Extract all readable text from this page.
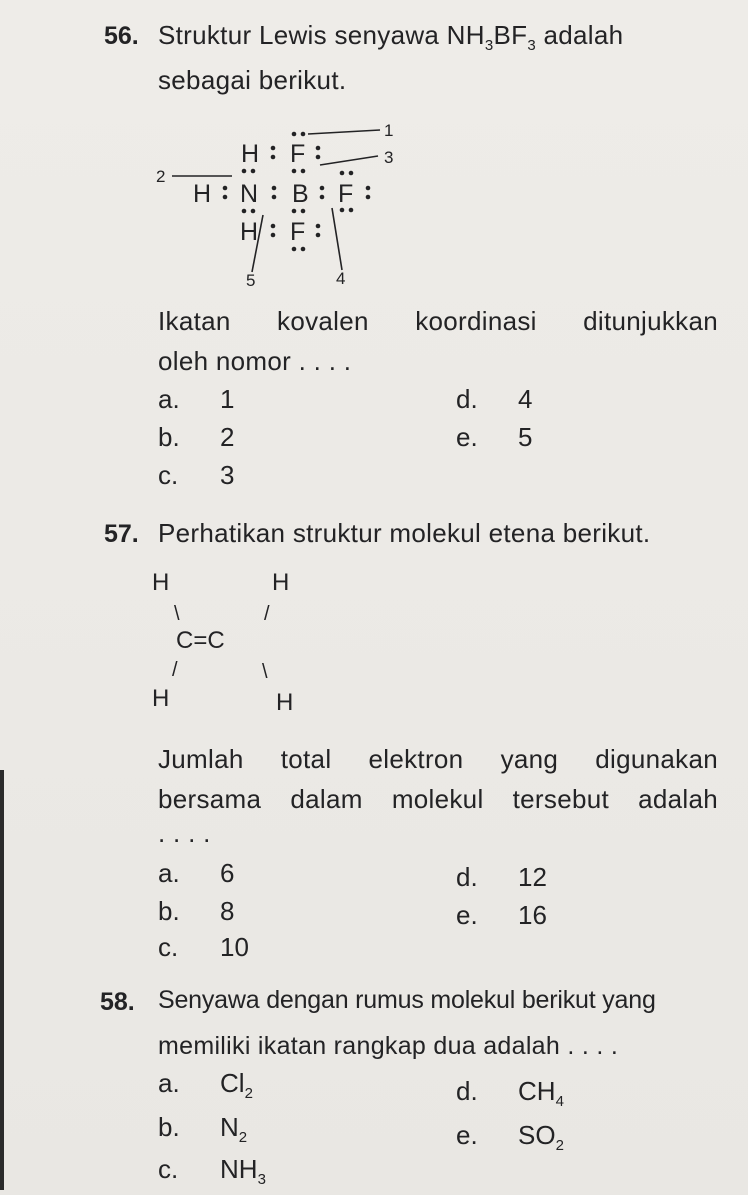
56. Struktur Lewis senyawa $NH_3BF_3$ adalah
sebagai berikut.
H F
H N B F
H F
1
3
2
4
5
Ikatan kovalen koordinasi ditunjukkan
oleh nomor . . . .
a. 1
b. 2
c. 3
d. 4
e. 5
57. Perhatikan struktur molekul etena berikut.
H	H
C=C
H	H
\	/
/	\
Jumlah total elektron yang digunakan
bersama dalam molekul tersebut adalah
. . . .
a. 6
b. 8
c. 10
d. 12
e. 16
58. Senyawa dengan rumus molekul berikut yang
memiliki ikatan rangkap dua adalah . . . .
a. $Cl_2$
b. $N_2$
c. $NH_3$
d. $CH_4$
e. $SO_2$
